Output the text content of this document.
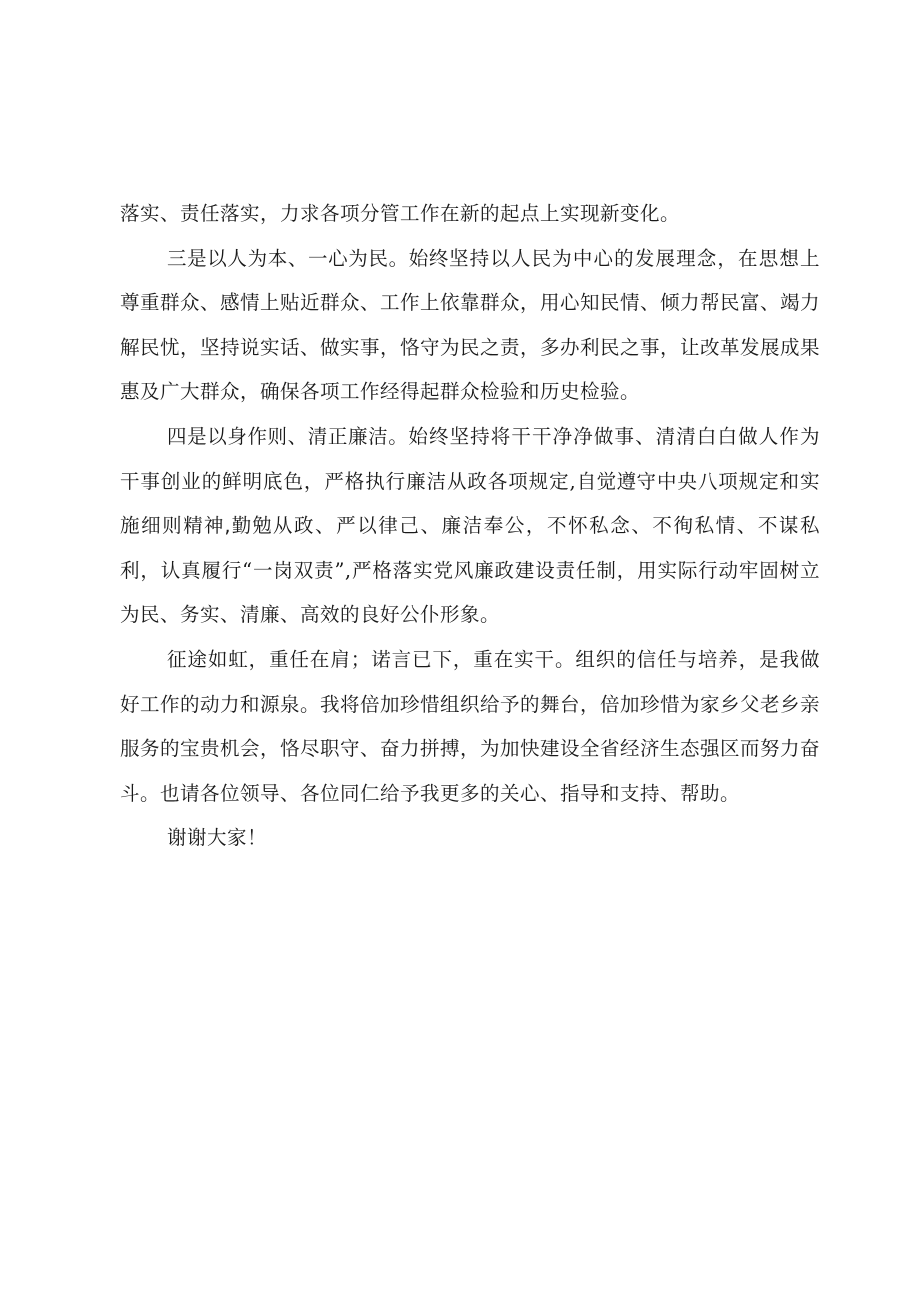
落实、责任落实，力求各项分管工作在新的起点上实现新变化。

三是以人为本、一心为民。始终坚持以人民为中心的发展理念，在思想上尊重群众、感情上贴近群众、工作上依靠群众，用心知民情、倾力帮民富、竭力解民忧，坚持说实话、做实事，恪守为民之责，多办利民之事，让改革发展成果惠及广大群众，确保各项工作经得起群众检验和历史检验。

四是以身作则、清正廉洁。始终坚持将干干净净做事、清清白白做人作为干事创业的鲜明底色，严格执行廉洁从政各项规定,自觉遵守中央八项规定和实施细则精神,勤勉从政、严以律己、廉洁奉公，不怀私念、不徇私情、不谋私利，认真履行“一岗双责”,严格落实党风廉政建设责任制，用实际行动牢固树立为民、务实、清廉、高效的良好公仆形象。

征途如虹，重任在肩；诺言已下，重在实干。组织的信任与培养，是我做好工作的动力和源泉。我将倍加珍惜组织给予的舞台，倍加珍惜为家乡父老乡亲服务的宝贵机会，恪尽职守、奋力拼搏，为加快建设全省经济生态强区而努力奋斗。也请各位领导、各位同仁给予我更多的关心、指导和支持、帮助。

谢谢大家！
